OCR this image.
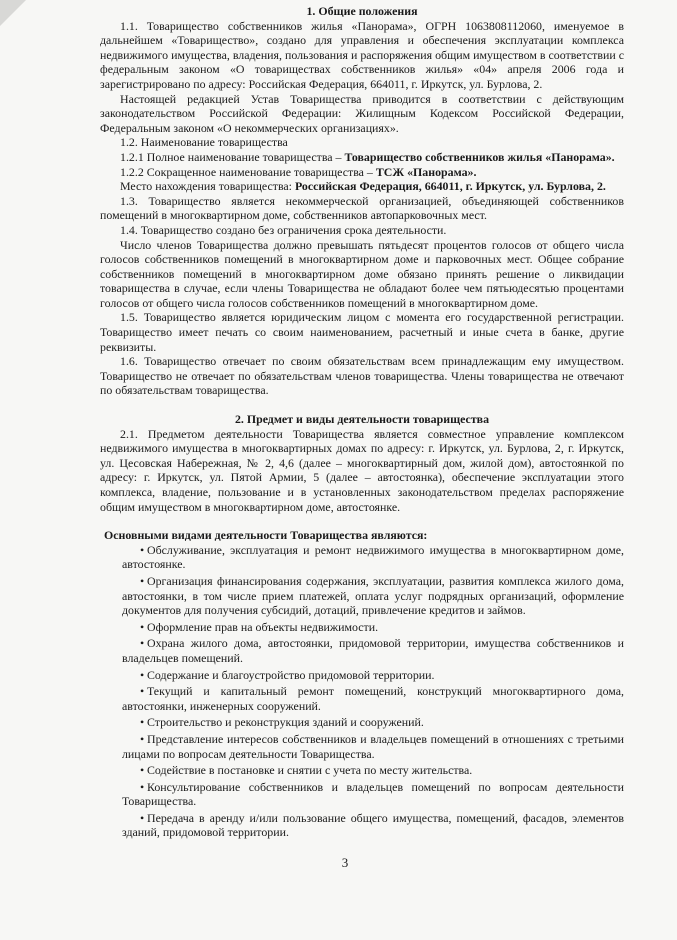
1. Общие положения

1.1. Товарищество собственников жилья «Панорама», ОГРН 1063808112060, именуемое в дальнейшем «Товарищество», создано для управления и обеспечения эксплуатации комплекса недвижимого имущества, владения, пользования и распоряжения общим имуществом в соответствии с федеральным законом «О товариществах собственников жилья» «04» апреля 2006 года и зарегистрировано по адресу: Российская Федерация, 664011, г. Иркутск, ул. Бурлова, 2.

Настоящей редакцией Устав Товарищества приводится в соответствии с действующим законодательством Российской Федерации: Жилищным Кодексом Российской Федерации, Федеральным законом «О некоммерческих организациях».

1.2. Наименование товарищества

1.2.1 Полное наименование товарищества – Товарищество собственников жилья «Панорама».

1.2.2 Сокращенное наименование товарищества – ТСЖ «Панорама».

Место нахождения товарищества: Российская Федерация, 664011, г. Иркутск, ул. Бурлова, 2.

1.3. Товарищество является некоммерческой организацией, объединяющей собственников помещений в многоквартирном доме, собственников автопарковочных мест.

1.4. Товарищество создано без ограничения срока деятельности.

Число членов Товарищества должно превышать пятьдесят процентов голосов от общего числа голосов собственников помещений в многоквартирном доме и парковочных мест. Общее собрание собственников помещений в многоквартирном доме обязано принять решение о ликвидации товарищества в случае, если члены Товарищества не обладают более чем пятьюдесятью процентами голосов от общего числа голосов собственников помещений в многоквартирном доме.

1.5. Товарищество является юридическим лицом с момента его государственной регистрации. Товарищество имеет печать со своим наименованием, расчетный и иные счета в банке, другие реквизиты.

1.6. Товарищество отвечает по своим обязательствам всем принадлежащим ему имуществом. Товарищество не отвечает по обязательствам членов товарищества. Члены товарищества не отвечают по обязательствам товарищества.

2. Предмет и виды деятельности товарищества

2.1. Предметом деятельности Товарищества является совместное управление комплексом недвижимого имущества в многоквартирных домах по адресу: г. Иркутск, ул. Бурлова, 2, г. Иркутск, ул. Цесовская Набережная, № 2, 4,6 (далее – многоквартирный дом, жилой дом), автостоянкой по адресу: г. Иркутск, ул. Пятой Армии, 5 (далее – автостоянка), обеспечение эксплуатации этого комплекса, владение, пользование и в установленных законодательством пределах распоряжение общим имуществом в многоквартирном доме, автостоянке.

Основными видами деятельности Товарищества являются:

• Обслуживание, эксплуатация и ремонт недвижимого имущества в многоквартирном доме, автостоянке.

• Организация финансирования содержания, эксплуатации, развития комплекса жилого дома, автостоянки, в том числе прием платежей, оплата услуг подрядных организаций, оформление документов для получения субсидий, дотаций, привлечение кредитов и займов.

• Оформление прав на объекты недвижимости.

• Охрана жилого дома, автостоянки, придомовой территории, имущества собственников и владельцев помещений.

• Содержание и благоустройство придомовой территории.

• Текущий и капитальный ремонт помещений, конструкций многоквартирного дома, автостоянки, инженерных сооружений.

• Строительство и реконструкция зданий и сооружений.

• Представление интересов собственников и владельцев помещений в отношениях с третьими лицами по вопросам деятельности Товарищества.

• Содействие в постановке и снятии с учета по месту жительства.

• Консультирование собственников и владельцев помещений по вопросам деятельности Товарищества.

• Передача в аренду и/или пользование общего имущества, помещений, фасадов, элементов зданий, придомовой территории.

3
